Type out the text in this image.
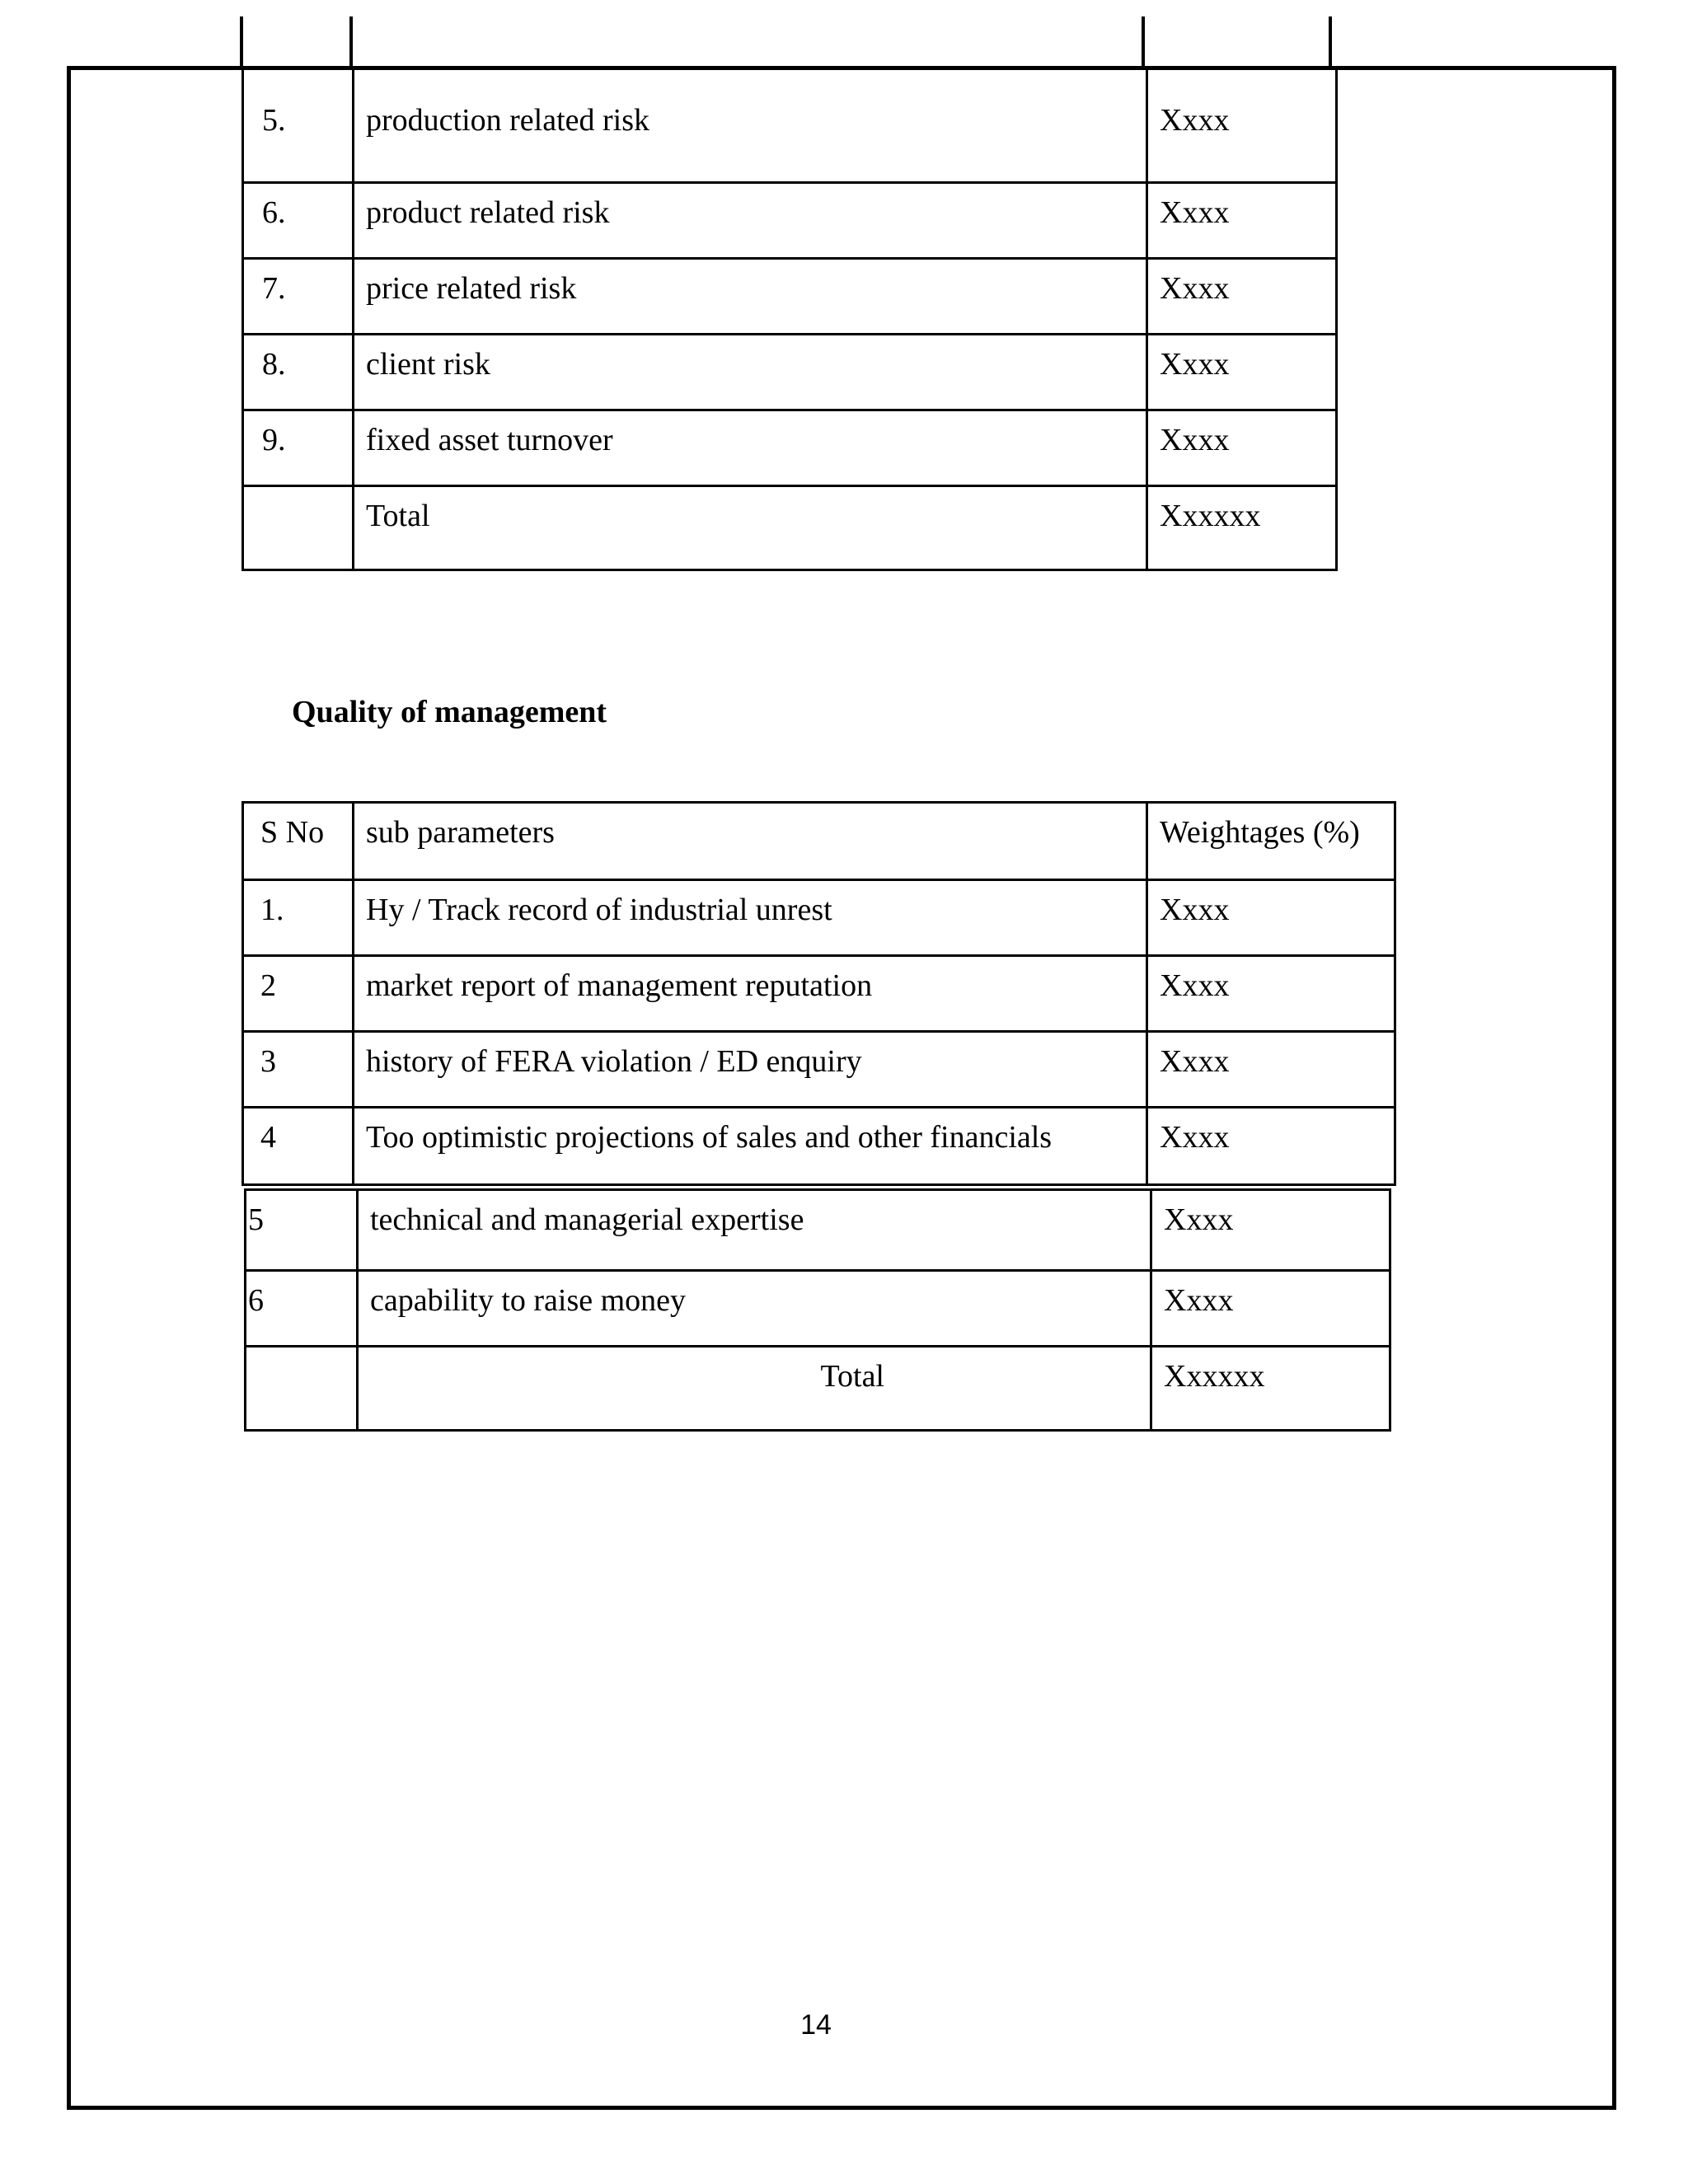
5.	production related risk	Xxxx
6.	product related risk	Xxxx
7.	price related risk	Xxxx
8.	client risk	Xxxx
9.	fixed asset turnover	Xxxx
	Total	Xxxxxx
Quality of management
S No	sub parameters	Weightages (%)
1.	Hy / Track record of industrial unrest	Xxxx
2	market report of management reputation	Xxxx
3	history of FERA violation / ED enquiry	Xxxx
4	Too optimistic projections of sales and other financials	Xxxx
5	technical and managerial expertise	Xxxx
6	capability to raise money	Xxxx
	Total	Xxxxxx
14
